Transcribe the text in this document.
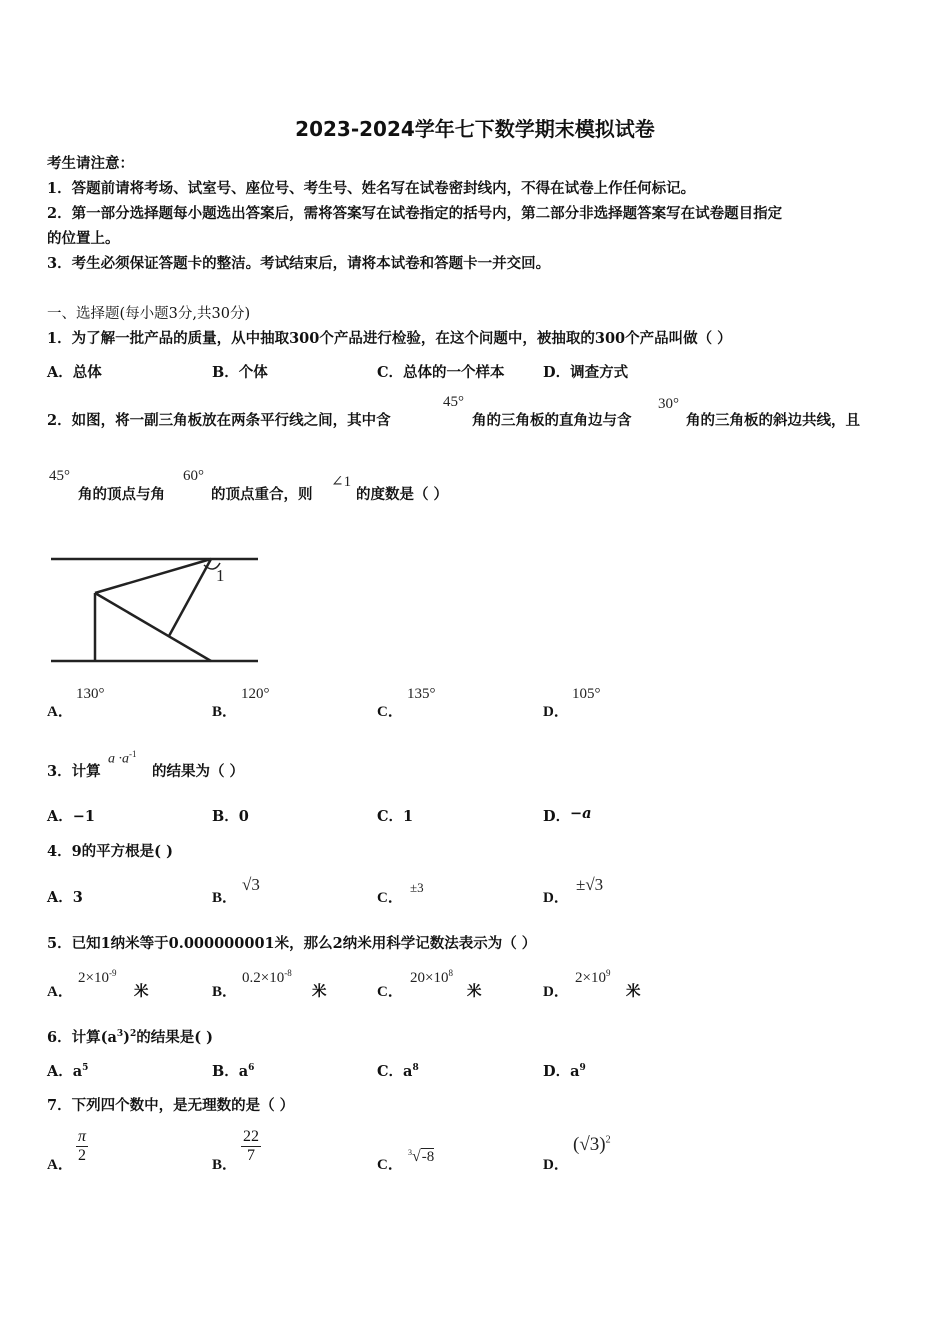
2023-2024学年七下数学期末模拟试卷
考生请注意：
1．答题前请将考场、试室号、座位号、考生号、姓名写在试卷密封线内，不得在试卷上作任何标记。
2．第一部分选择题每小题选出答案后，需将答案写在试卷指定的括号内，第二部分非选择题答案写在试卷题目指定
的位置上。
3．考生必须保证答题卡的整洁。考试结束后，请将本试卷和答题卡一并交回。
一、选择题(每小题3分,共30分)
1．为了解一批产品的质量，从中抽取300个产品进行检验，在这个问题中，被抽取的300个产品叫做（ ）
A．总体	B．个体	C．总体的一个样本	D．调查方式
2．如图，将一副三角板放在两条平行线之间，其中含
45°
角的三角板的直角边与含
30°
角的三角板的斜边共线，且
45°
角的顶点与角
60°
的顶点重合，则
∠1
的度数是（ ）
1
A．
130°
B．
120°
C．
135°
D．
105°
3．计算
$a \cdot a^{-1}$
的结果为（ ）
A．−1	B．0	C．1	D． −a
4．9的平方根是( )
A．3	B．
√3
C．
±3
D．
±√3
5．已知1纳米等于0.000000001米，那么2纳米用科学记数法表示为（ ）
A．
$2\times 10^{-9}$
米	B．
$0.2\times 10^{-8}$
米	C．
$20\times 10^8$
米	D．
$2\times 10^9$
米
6．计算$(a^3)^2$的结果是( )
A．$a^5$	B．$a^6$	C．$a^8$	D．$a^9$
7．下列四个数中，是无理数的是（ ）
A． $\frac{\pi}{2}$	B． $\frac{22}{7}$	C．
$^3$√-8	D．
$(√3)^2$
